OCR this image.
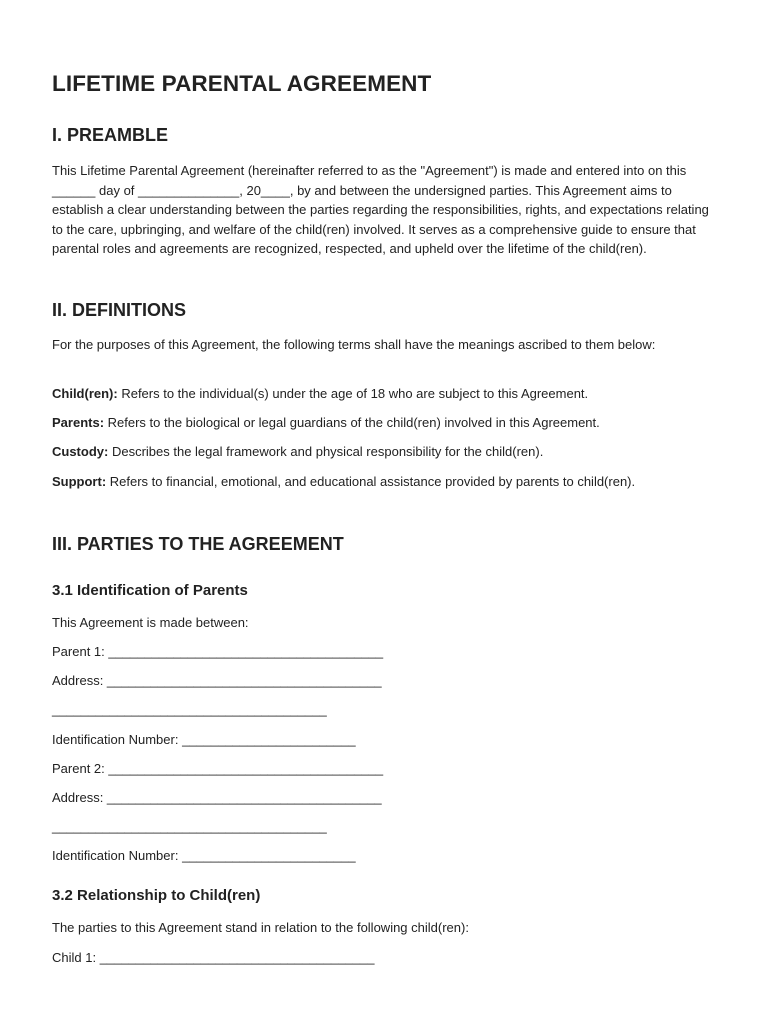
LIFETIME PARENTAL AGREEMENT
I. PREAMBLE

This Lifetime Parental Agreement (hereinafter referred to as the "Agreement") is made and entered into on this ______ day of ______________, 20____, by and between the undersigned parties. This Agreement aims to establish a clear understanding between the parties regarding the responsibilities, rights, and expectations relating to the care, upbringing, and welfare of the child(ren) involved. It serves as a comprehensive guide to ensure that parental roles and agreements are recognized, respected, and upheld over the lifetime of the child(ren).

II. DEFINITIONS

For the purposes of this Agreement, the following terms shall have the meanings ascribed to them below:

Child(ren): Refers to the individual(s) under the age of 18 who are subject to this Agreement.

Parents: Refers to the biological or legal guardians of the child(ren) involved in this Agreement.

Custody: Describes the legal framework and physical responsibility for the child(ren).

Support: Refers to financial, emotional, and educational assistance provided by parents to child(ren).

III. PARTIES TO THE AGREEMENT
3.1 Identification of Parents

This Agreement is made between:

Parent 1: ______________________________________

Address: ______________________________________

______________________________________

Identification Number: ________________________

Parent 2: ______________________________________

Address: ______________________________________

______________________________________

Identification Number: ________________________

3.2 Relationship to Child(ren)

The parties to this Agreement stand in relation to the following child(ren):

Child 1: ______________________________________
